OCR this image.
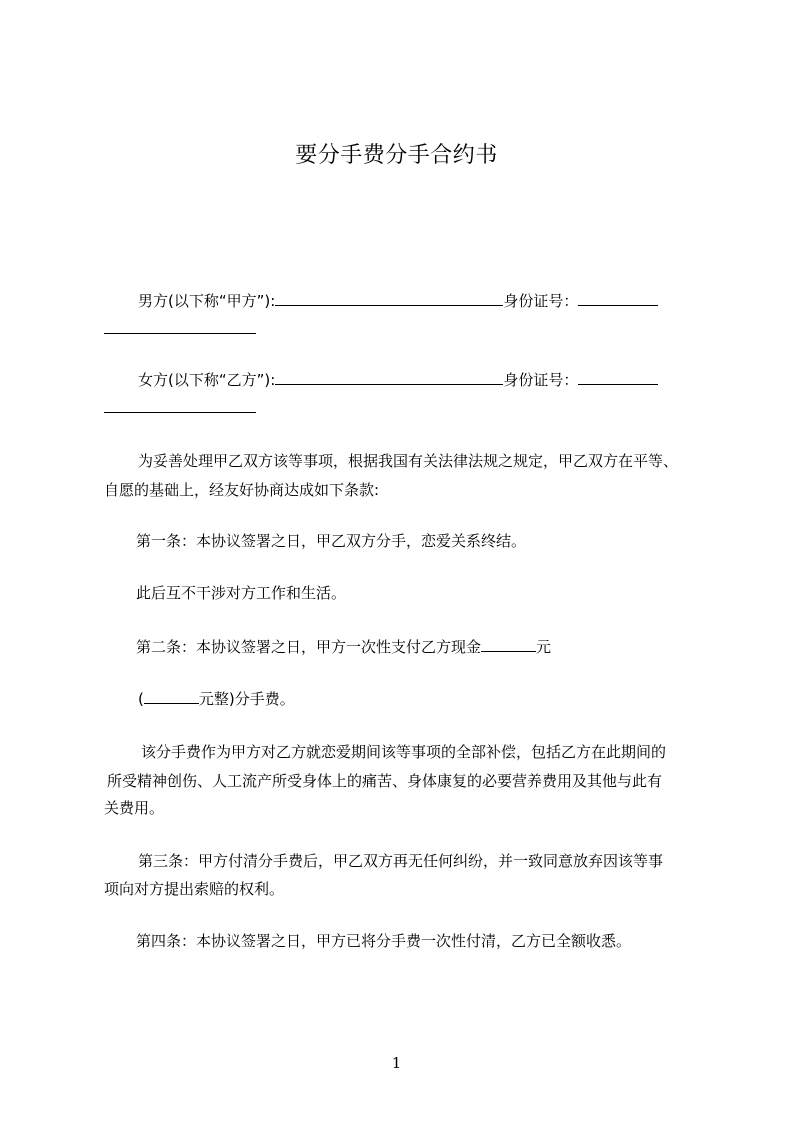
要分手费分手合约书
男方(以下称“甲方”):	身份证号：
女方(以下称“乙方”):	身份证号：
为妥善处理甲乙双方该等事项，根据我国有关法律法规之规定，甲乙双方在平等、
自愿的基础上，经友好协商达成如下条款:
第一条：本协议签署之日，甲乙双方分手，恋爱关系终结。
此后互不干涉对方工作和生活。
第二条：本协议签署之日，甲方一次性支付乙方现金	元
(	元整)分手费。
该分手费作为甲方对乙方就恋爱期间该等事项的全部补偿，包括乙方在此期间的
所受精神创伤、人工流产所受身体上的痛苦、身体康复的必要营养费用及其他与此有
关费用。
第三条：甲方付清分手费后，甲乙双方再无任何纠纷，并一致同意放弃因该等事
项向对方提出索赔的权利。
第四条：本协议签署之日，甲方已将分手费一次性付清，乙方已全额收悉。
1
